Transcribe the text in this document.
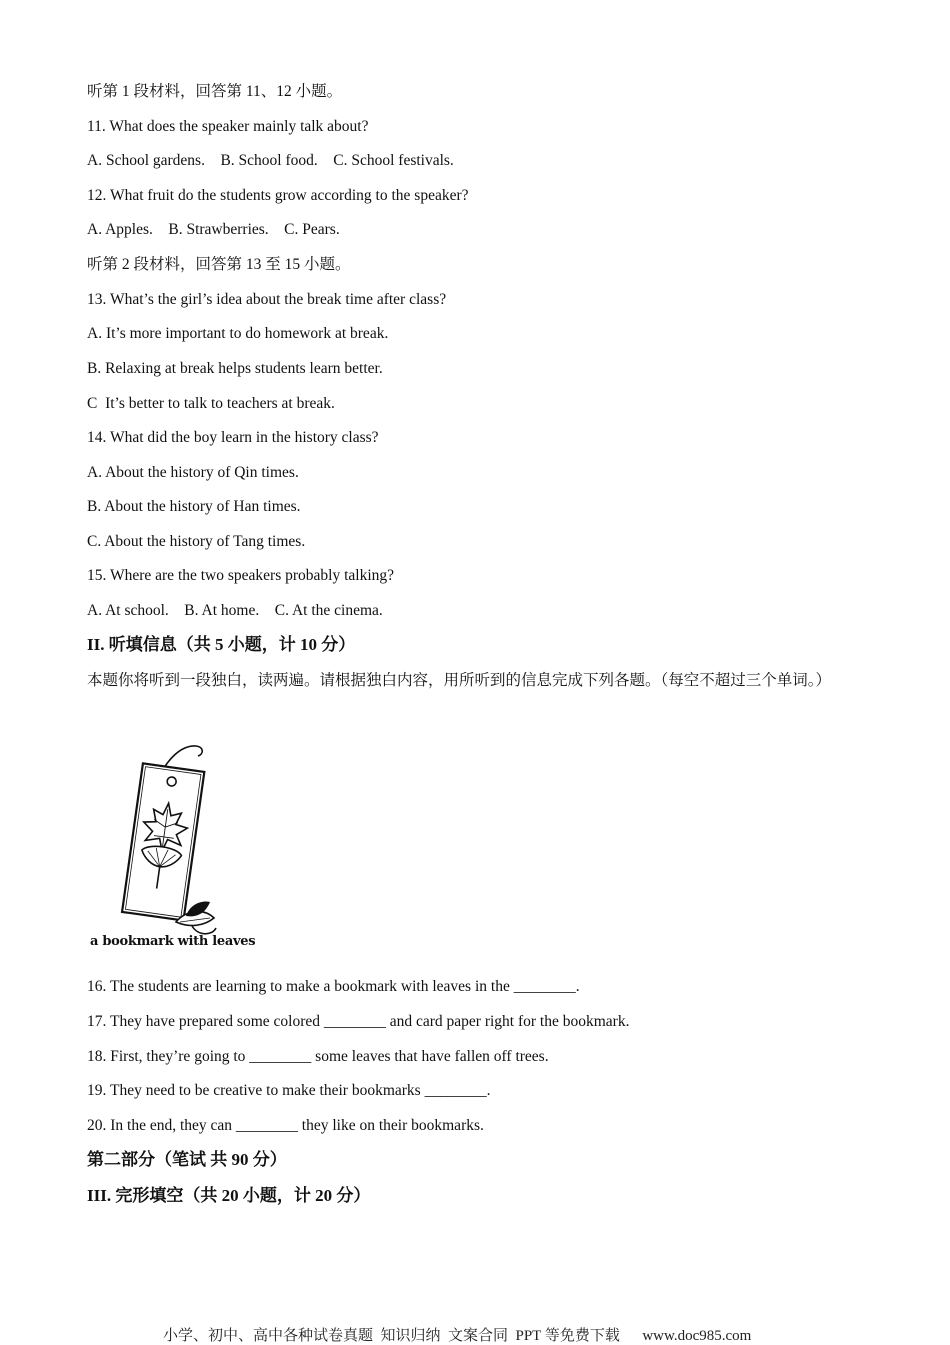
听第 1 段材料，回答第 11、12 小题。
11. What does the speaker mainly talk about?
A. School gardens.    B. School food.    C. School festivals.
12. What fruit do the students grow according to the speaker?
A. Apples.    B. Strawberries.    C. Pears.
听第 2 段材料，回答第 13 至 15 小题。
13. What’s the girl’s idea about the break time after class?
A. It’s more important to do homework at break.
B. Relaxing at break helps students learn better.
C  It’s better to talk to teachers at break.
14. What did the boy learn in the history class?
A. About the history of Qin times.
B. About the history of Han times.
C. About the history of Tang times.
15. Where are the two speakers probably talking?
A. At school.    B. At home.    C. At the cinema.
II. 听填信息（共 5 小题，计 10 分）
本题你将听到一段独白，读两遍。请根据独白内容，用所听到的信息完成下列各题。（每空不超过三个单词。）
a bookmark with leaves
16. The students are learning to make a bookmark with leaves in the ________.
17. They have prepared some colored ________ and card paper right for the bookmark.
18. First, they’re going to ________ some leaves that have fallen off trees.
19. They need to be creative to make their bookmarks ________.
20. In the end, they can ________ they like on their bookmarks.
第二部分（笔试 共 90 分）
III. 完形填空（共 20 小题，计 20 分）
小学、初中、高中各种试卷真题  知识归纳  文案合同  PPT 等免费下载      www.doc985.com
